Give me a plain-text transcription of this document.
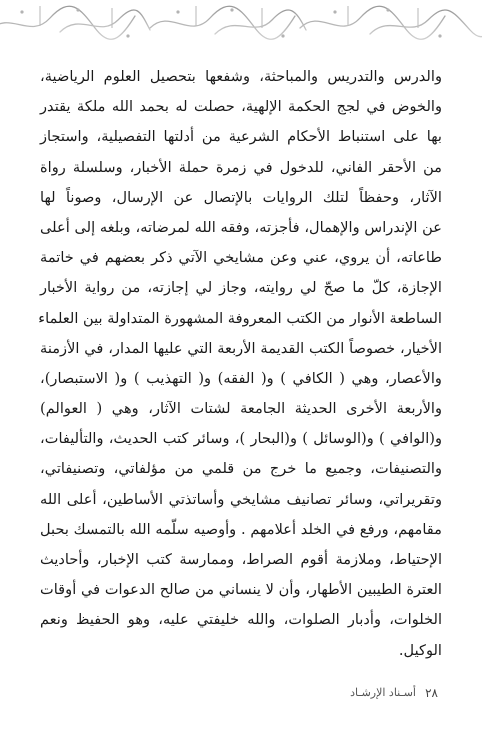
والدرس والتدريس والمباحثة، وشفعها بتحصيل العلوم الرياضية،
والخوض في لجج الحكمة الإلهية، حصلت له بحمد الله ملكة يقتدر
بها على استنباط الأحكام الشرعية من أدلتها التفصيلية، واستجاز
من الأحقر الفاني، للدخول في زمرة حملة الأخبار، وسلسلة رواة
الآثار، وحفظاً لتلك الروايات بالإتصال عن الإرسال، وصوناً لها
عن الإندراس والإهمال، فأجزته، وفقه الله لمرضاته، وبلغه إلى أعلى
طاعاته، أن يروي، عني وعن مشايخي الآتي ذكر بعضهم في خاتمة
الإجازة، كلّ ما صحّ لي روايته، وجاز لي إجازته، من رواية الأخبار
الساطعة الأنوار من الكتب المعروفة المشهورة المتداولة بين العلماء
الأخيار، خصوصاً الكتب القديمة الأربعة التي عليها المدار، في الأزمنة
والأعصار، وهي ( الكافي ) و( الفقه) و( التهذيب ) و( الاستبصار)،
والأربعة الأخرى الحديثة الجامعة لشتات الآثار، وهي ( العوالم)
و(الوافي ) و(الوسائل ) و(البحار )، وسائر كتب الحديث، والتأليفات،
والتصنيفات، وجميع ما خرج من قلمي من مؤلفاتي، وتصنيفاتي،
وتقريراتي، وسائر تصانيف مشايخي وأساتذتي الأساطين، أعلى الله
مقامهم، ورفع في الخلد أعلامهم . وأوصيه سلّمه الله بالتمسك بحبل
الإحتياط، وملازمة أقوم الصراط، وممارسة كتب الإخبار، وأحاديث
العترة الطيبين الأطهار، وأن لا ينساني من صالح الدعوات في أوقات
الخلوات، وأدبار الصلوات، والله خليفتي عليه، وهو الحفيظ ونعم
الوكيل.
٢٨
أسـناد الإرشـاد
